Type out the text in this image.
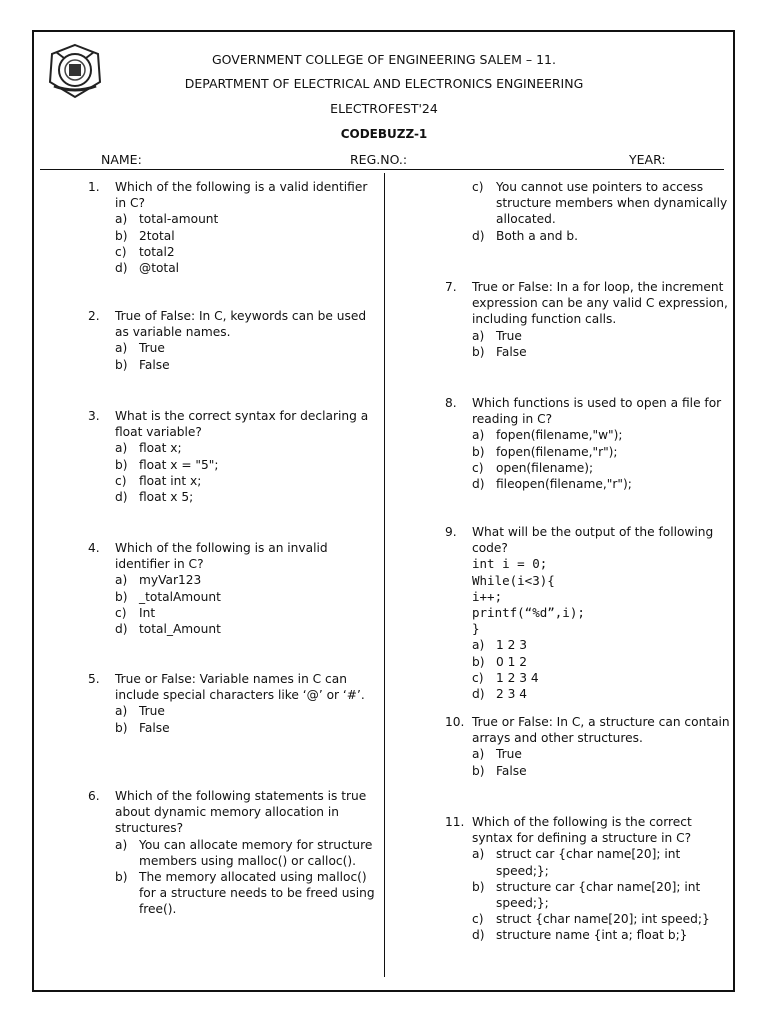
GOVERNMENT COLLEGE OF ENGINEERING SALEM – 11.
DEPARTMENT OF ELECTRICAL AND ELECTRONICS ENGINEERING
ELECTROFEST'24
CODEBUZZ-1
NAME:	REG.NO.:	YEAR:
1. Which of the following is a valid identifier in C?
a) total-amount
b) 2total
c) total2
d) @total
2. True of False: In C, keywords can be used as variable names.
a) True
b) False
3. What is the correct syntax for declaring a float variable?
a) float x;
b) float x = "5";
c) float int x;
d) float x 5;
4. Which of the following is an invalid identifier in C?
a) myVar123
b) _totalAmount
c) Int
d) total_Amount
5. True or False: Variable names in C can include special characters like ‘@’ or ‘#’.
a) True
b) False
6. Which of the following statements is true about dynamic memory allocation in structures?
a) You can allocate memory for structure members using malloc() or calloc().
b) The memory allocated using malloc() for a structure needs to be freed using free().
c) You cannot use pointers to access structure members when dynamically allocated.
d) Both a and b.
7. True or False: In a for loop, the increment expression can be any valid C expression, including function calls.
a) True
b) False
8. Which functions is used to open a file for reading in C?
a) fopen(filename,"w");
b) fopen(filename,"r");
c) open(filename);
d) fileopen(filename,"r");
9. What will be the output of the following code?
int i = 0;
While(i<3){
i++;
printf(“%d”,i);
}
a) 1 2 3
b) 0 1 2
c) 1 2 3 4
d) 2 3 4
10. True or False: In C, a structure can contain arrays and other structures.
a) True
b) False
11. Which of the following is the correct syntax for defining a structure in C?
a) struct car {char name[20]; int speed;};
b) structure car {char name[20]; int speed;};
c) struct {char name[20]; int speed;}
d) structure name {int a; float b;}
